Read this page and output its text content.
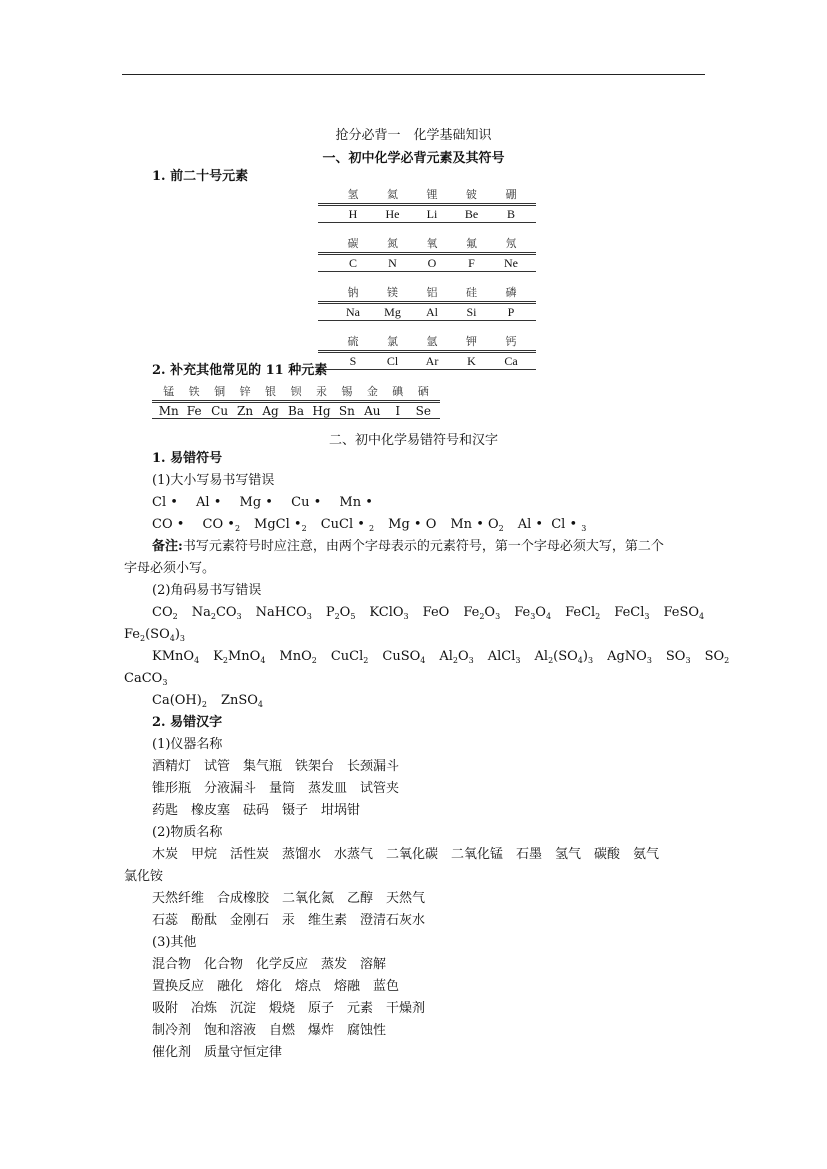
抢分必背一　化学基础知识
一、初中化学必背元素及其符号
1. 前二十号元素
氢	氦	锂	铍	硼
H	He	Li	Be	B
碳	氮	氧	氟	氖
C	N	O	F	Ne
钠	镁	铝	硅	磷
Na	Mg	Al	Si	P
硫	氯	氩	钾	钙
S	Cl	Ar	K	Ca
2. 补充其他常见的 11 种元素
锰	铁	铜	锌	银	钡	汞	锡	金	碘	硒
Mn Fe Cu Zn Ag Ba Hg Sn Au	I	Se
二、初中化学易错符号和汉字
1. 易错符号
(1)大小写易书写错误
Cl • Al • Mg • Cu • Mn •
CO • CO $•_2$ MgCl $•_2$ CuCl • $_2$ Mg • O Mn • $O_2$ Al • Cl • $_3$
备注:书写元素符号时应注意，由两个字母表示的元素符号，第一个字母必须大写，第二个
字母必须小写。
(2)角码易书写错误
$CO_2$ $Na_2CO_3$ NaHCO$_3$ $P_2O_5$ KClO$_3$ FeO $Fe_2O_3$ $Fe_3O_4$ FeCl$_2$ FeCl$_3$ FeSO$_4$
$Fe_2(SO_4)_3$
KMnO$_4$ $K_2MnO_4$ MnO$_2$ CuCl$_2$ CuSO$_4$ $Al_2O_3$ AlCl$_3$ $Al_2(SO_4)_3$ AgNO$_3$ $SO_3$ $SO_2$
CaCO$_3$
$Ca(OH)_2$ ZnSO$_4$
2. 易错汉字
(1)仪器名称
酒精灯　试管　集气瓶　铁架台　长颈漏斗
锥形瓶　分液漏斗　量筒　蒸发皿　试管夹
药匙　橡皮塞　砝码　镊子　坩埚钳
(2)物质名称
木炭　甲烷　活性炭　蒸馏水　水蒸气　二氧化碳　二氧化锰　石墨　氢气　碳酸　氨气
氯化铵
天然纤维　合成橡胶　二氧化氮　乙醇　天然气
石蕊　酚酞　金刚石　汞　维生素　澄清石灰水
(3)其他
混合物　化合物　化学反应　蒸发　溶解
置换反应　融化　熔化　熔点　熔融　蓝色
吸附　冶炼　沉淀　煅烧　原子　元素　干燥剂
制冷剂　饱和溶液　自燃　爆炸　腐蚀性
催化剂　质量守恒定律
